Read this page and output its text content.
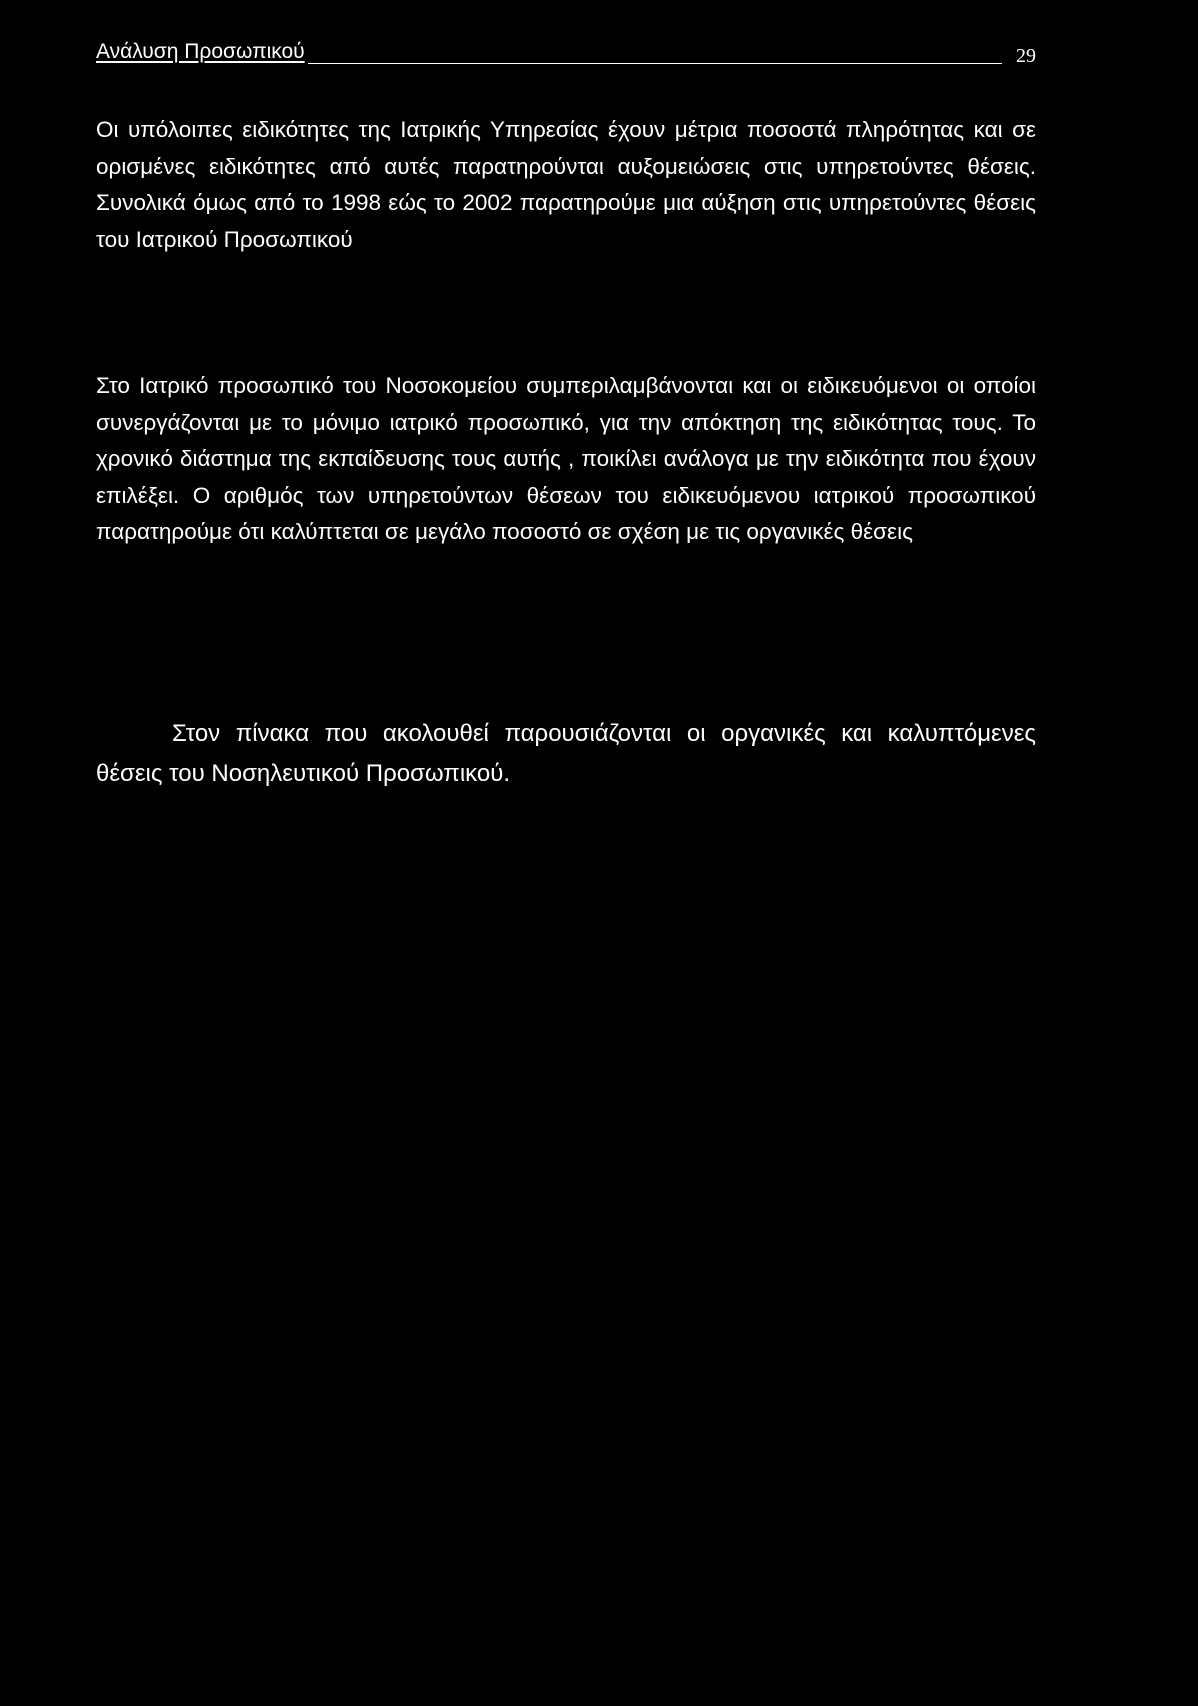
Ανάλυση Προσωπικού	29

Οι υπόλοιπες ειδικότητες της Ιατρικής Υπηρεσίας έχουν μέτρια ποσοστά πληρότητας και σε ορισμένες ειδικότητες από αυτές παρατηρούνται αυξομειώσεις στις υπηρετούντες θέσεις. Συνολικά όμως από το 1998 εώς το 2002 παρατηρούμε μια αύξηση στις υπηρετούντες θέσεις του Ιατρικού Προσωπικού

Στο Ιατρικό προσωπικό του Νοσοκομείου συμπεριλαμβάνονται και οι ειδικευόμενοι οι οποίοι συνεργάζονται με το μόνιμο ιατρικό προσωπικό, για την απόκτηση της ειδικότητας τους. Το χρονικό διάστημα της εκπαίδευσης τους αυτής , ποικίλει ανάλογα με την ειδικότητα που έχουν επιλέξει. Ο αριθμός των υπηρετούντων θέσεων του ειδικευόμενου ιατρικού προσωπικού παρατηρούμε ότι καλύπτεται σε μεγάλο ποσοστό σε σχέση με τις οργανικές θέσεις

Στον πίνακα που ακολουθεί παρουσιάζονται οι οργανικές και καλυπτόμενες θέσεις του Νοσηλευτικού Προσωπικού.
